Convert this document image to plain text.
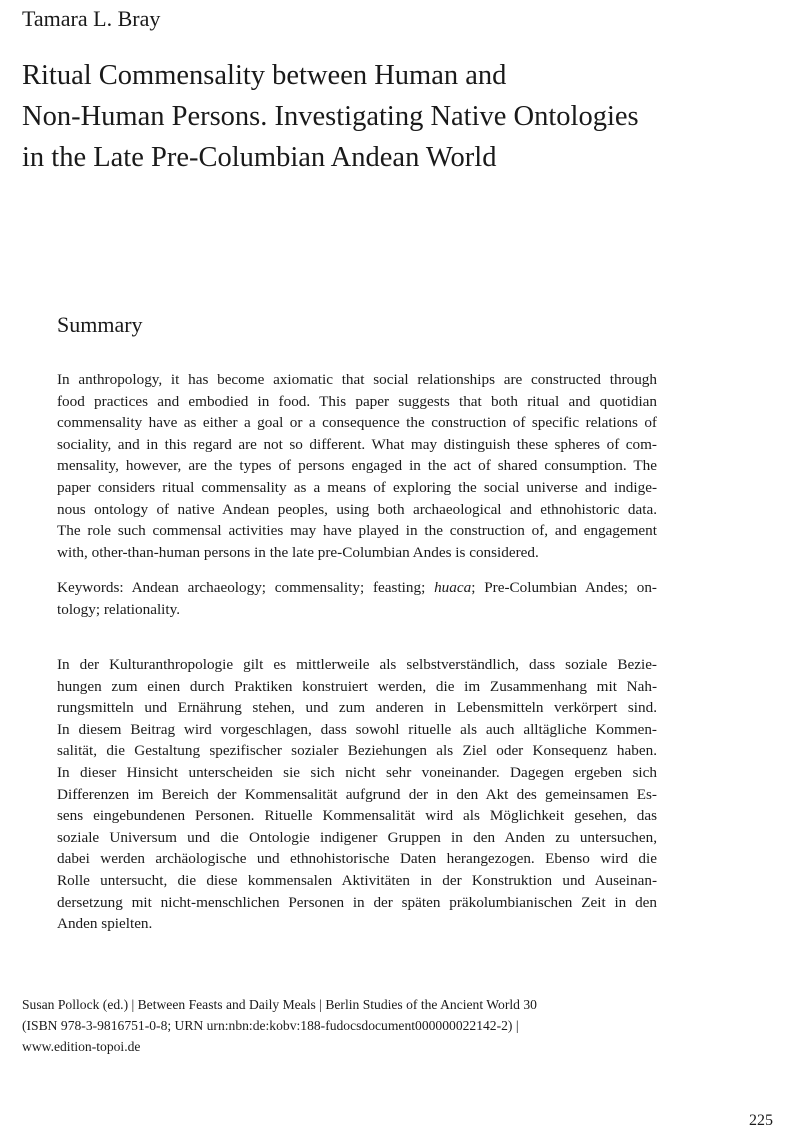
Tamara L. Bray
Ritual Commensality between Human and
Non-Human Persons. Investigating Native Ontologies
in the Late Pre-Columbian Andean World
Summary
In anthropology, it has become axiomatic that social relationships are constructed through
food practices and embodied in food. This paper suggests that both ritual and quotidian
commensality have as either a goal or a consequence the construction of specific relations of
sociality, and in this regard are not so different. What may distinguish these spheres of com-
mensality, however, are the types of persons engaged in the act of shared consumption. The
paper considers ritual commensality as a means of exploring the social universe and indige-
nous ontology of native Andean peoples, using both archaeological and ethnohistoric data.
The role such commensal activities may have played in the construction of, and engagement
with, other-than-human persons in the late pre-Columbian Andes is considered.
Keywords: Andean archaeology; commensality; feasting; huaca; Pre-Columbian Andes; on-
tology; relationality.
In der Kulturanthropologie gilt es mittlerweile als selbstverständlich, dass soziale Bezie-
hungen zum einen durch Praktiken konstruiert werden, die im Zusammenhang mit Nah-
rungsmitteln und Ernährung stehen, und zum anderen in Lebensmitteln verkörpert sind.
In diesem Beitrag wird vorgeschlagen, dass sowohl rituelle als auch alltägliche Kommen-
salität, die Gestaltung spezifischer sozialer Beziehungen als Ziel oder Konsequenz haben.
In dieser Hinsicht unterscheiden sie sich nicht sehr voneinander. Dagegen ergeben sich
Differenzen im Bereich der Kommensalität aufgrund der in den Akt des gemeinsamen Es-
sens eingebundenen Personen. Rituelle Kommensalität wird als Möglichkeit gesehen, das
soziale Universum und die Ontologie indigener Gruppen in den Anden zu untersuchen,
dabei werden archäologische und ethnohistorische Daten herangezogen. Ebenso wird die
Rolle untersucht, die diese kommensalen Aktivitäten in der Konstruktion und Auseinan-
dersetzung mit nicht-menschlichen Personen in der späten präkolumbianischen Zeit in den
Anden spielten.
Susan Pollock (ed.) | Between Feasts and Daily Meals | Berlin Studies of the Ancient World 30
(ISBN 978-3-9816751-0-8; URN urn:nbn:de:kobv:188-fudocsdocument000000022142-2) |
www.edition-topoi.de
225
